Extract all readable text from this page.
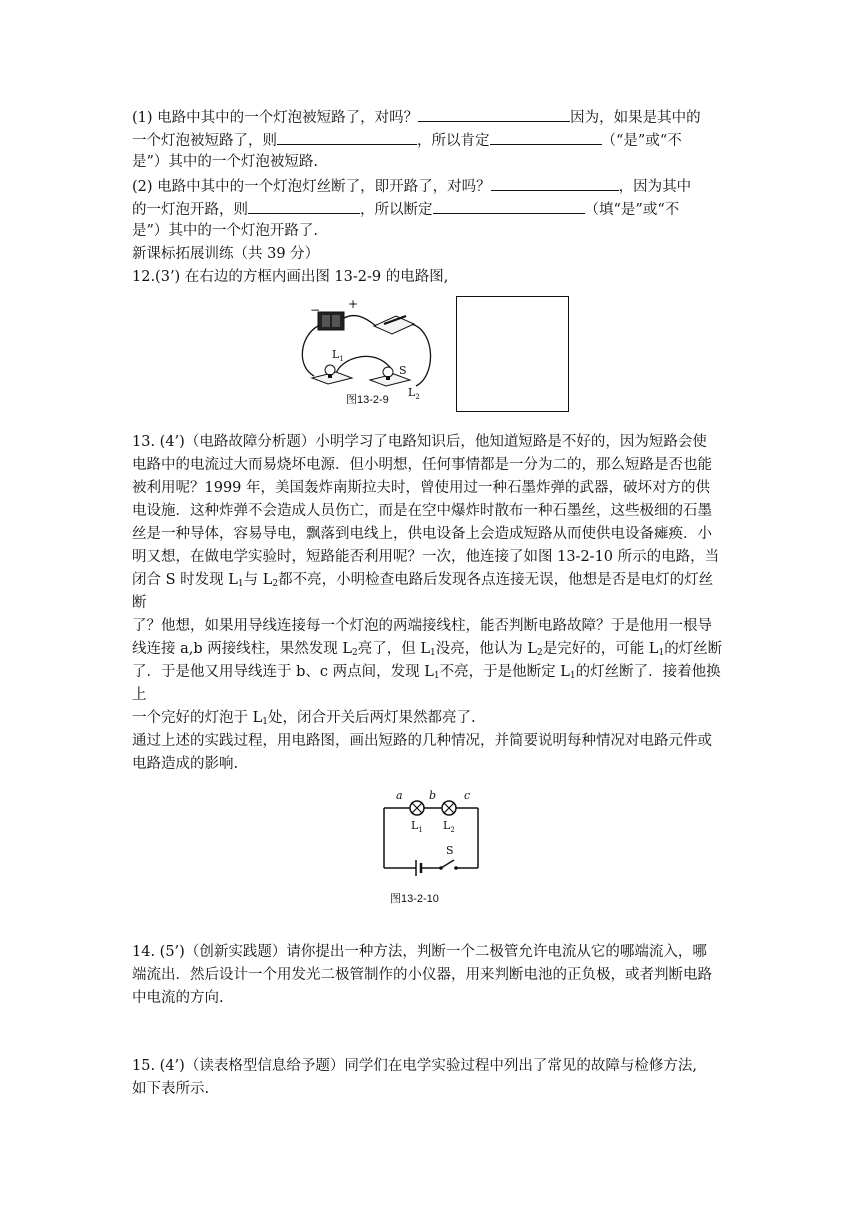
(1) 电路中其中的一个灯泡被短路了，对吗？	因为，如果是其中的
一个灯泡被短路了，则	，所以肯定	（“是”或“不
是”）其中的一个灯泡被短路.
(2) 电路中其中的一个灯泡灯丝断了，即开路了，对吗？	，因为其中
的一灯泡开路，则	，所以断定	（填“是”或“不
是”）其中的一个灯泡开路了.
新课标拓展训练（共 39 分）
12.(3’) 在右边的方框内画出图 13-2-9 的电路图,
− +
$L_1$
S
$L_2$
图13-2-9
13. (4’)（电路故障分析题）小明学习了电路知识后，他知道短路是不好的，因为短路会使
电路中的电流过大而易烧坏电源．但小明想，任何事情都是一分为二的，那么短路是否也能
被利用呢？1999 年，美国轰炸南斯拉夫时，曾使用过一种石墨炸弹的武器，破坏对方的供
电设施．这种炸弹不会造成人员伤亡，而是在空中爆炸时散布一种石墨丝，这些极细的石墨
丝是一种导体，容易导电，飘落到电线上，供电设备上会造成短路从而使供电设备瘫痪．小
明又想，在做电学实验时，短路能否利用呢？一次，他连接了如图 13-2-10 所示的电路，当
闭合 S 时发现 $L_1$与 $L_2$都不亮，小明检查电路后发现各点连接无误，他想是否是电灯的灯丝
断
了？他想，如果用导线连接每一个灯泡的两端接线柱，能否判断电路故障？于是他用一根导
线连接 a,b 两接线柱，果然发现 $L_2$亮了，但 $L_1$没亮，他认为 $L_2$是完好的，可能 $L_1$的灯丝断
了．于是他又用导线连于 b、c 两点间，发现 $L_1$不亮，于是他断定 $L_1$的灯丝断了．接着他换
上
一个完好的灯泡于 $L_1$处，闭合开关后两灯果然都亮了.
通过上述的实践过程，用电路图，画出短路的几种情况，并简要说明每种情况对电路元件或
电路造成的影响.
a b	c
$L_1$ $L_2$
S
图13-2-10
14. (5’)（创新实践题）请你提出一种方法，判断一个二极管允许电流从它的哪端流入，哪
端流出．然后设计一个用发光二极管制作的小仪器，用来判断电池的正负极，或者判断电路
中电流的方向.
15. (4’)（读表格型信息给予题）同学们在电学实验过程中列出了常见的故障与检修方法,
如下表所示.
